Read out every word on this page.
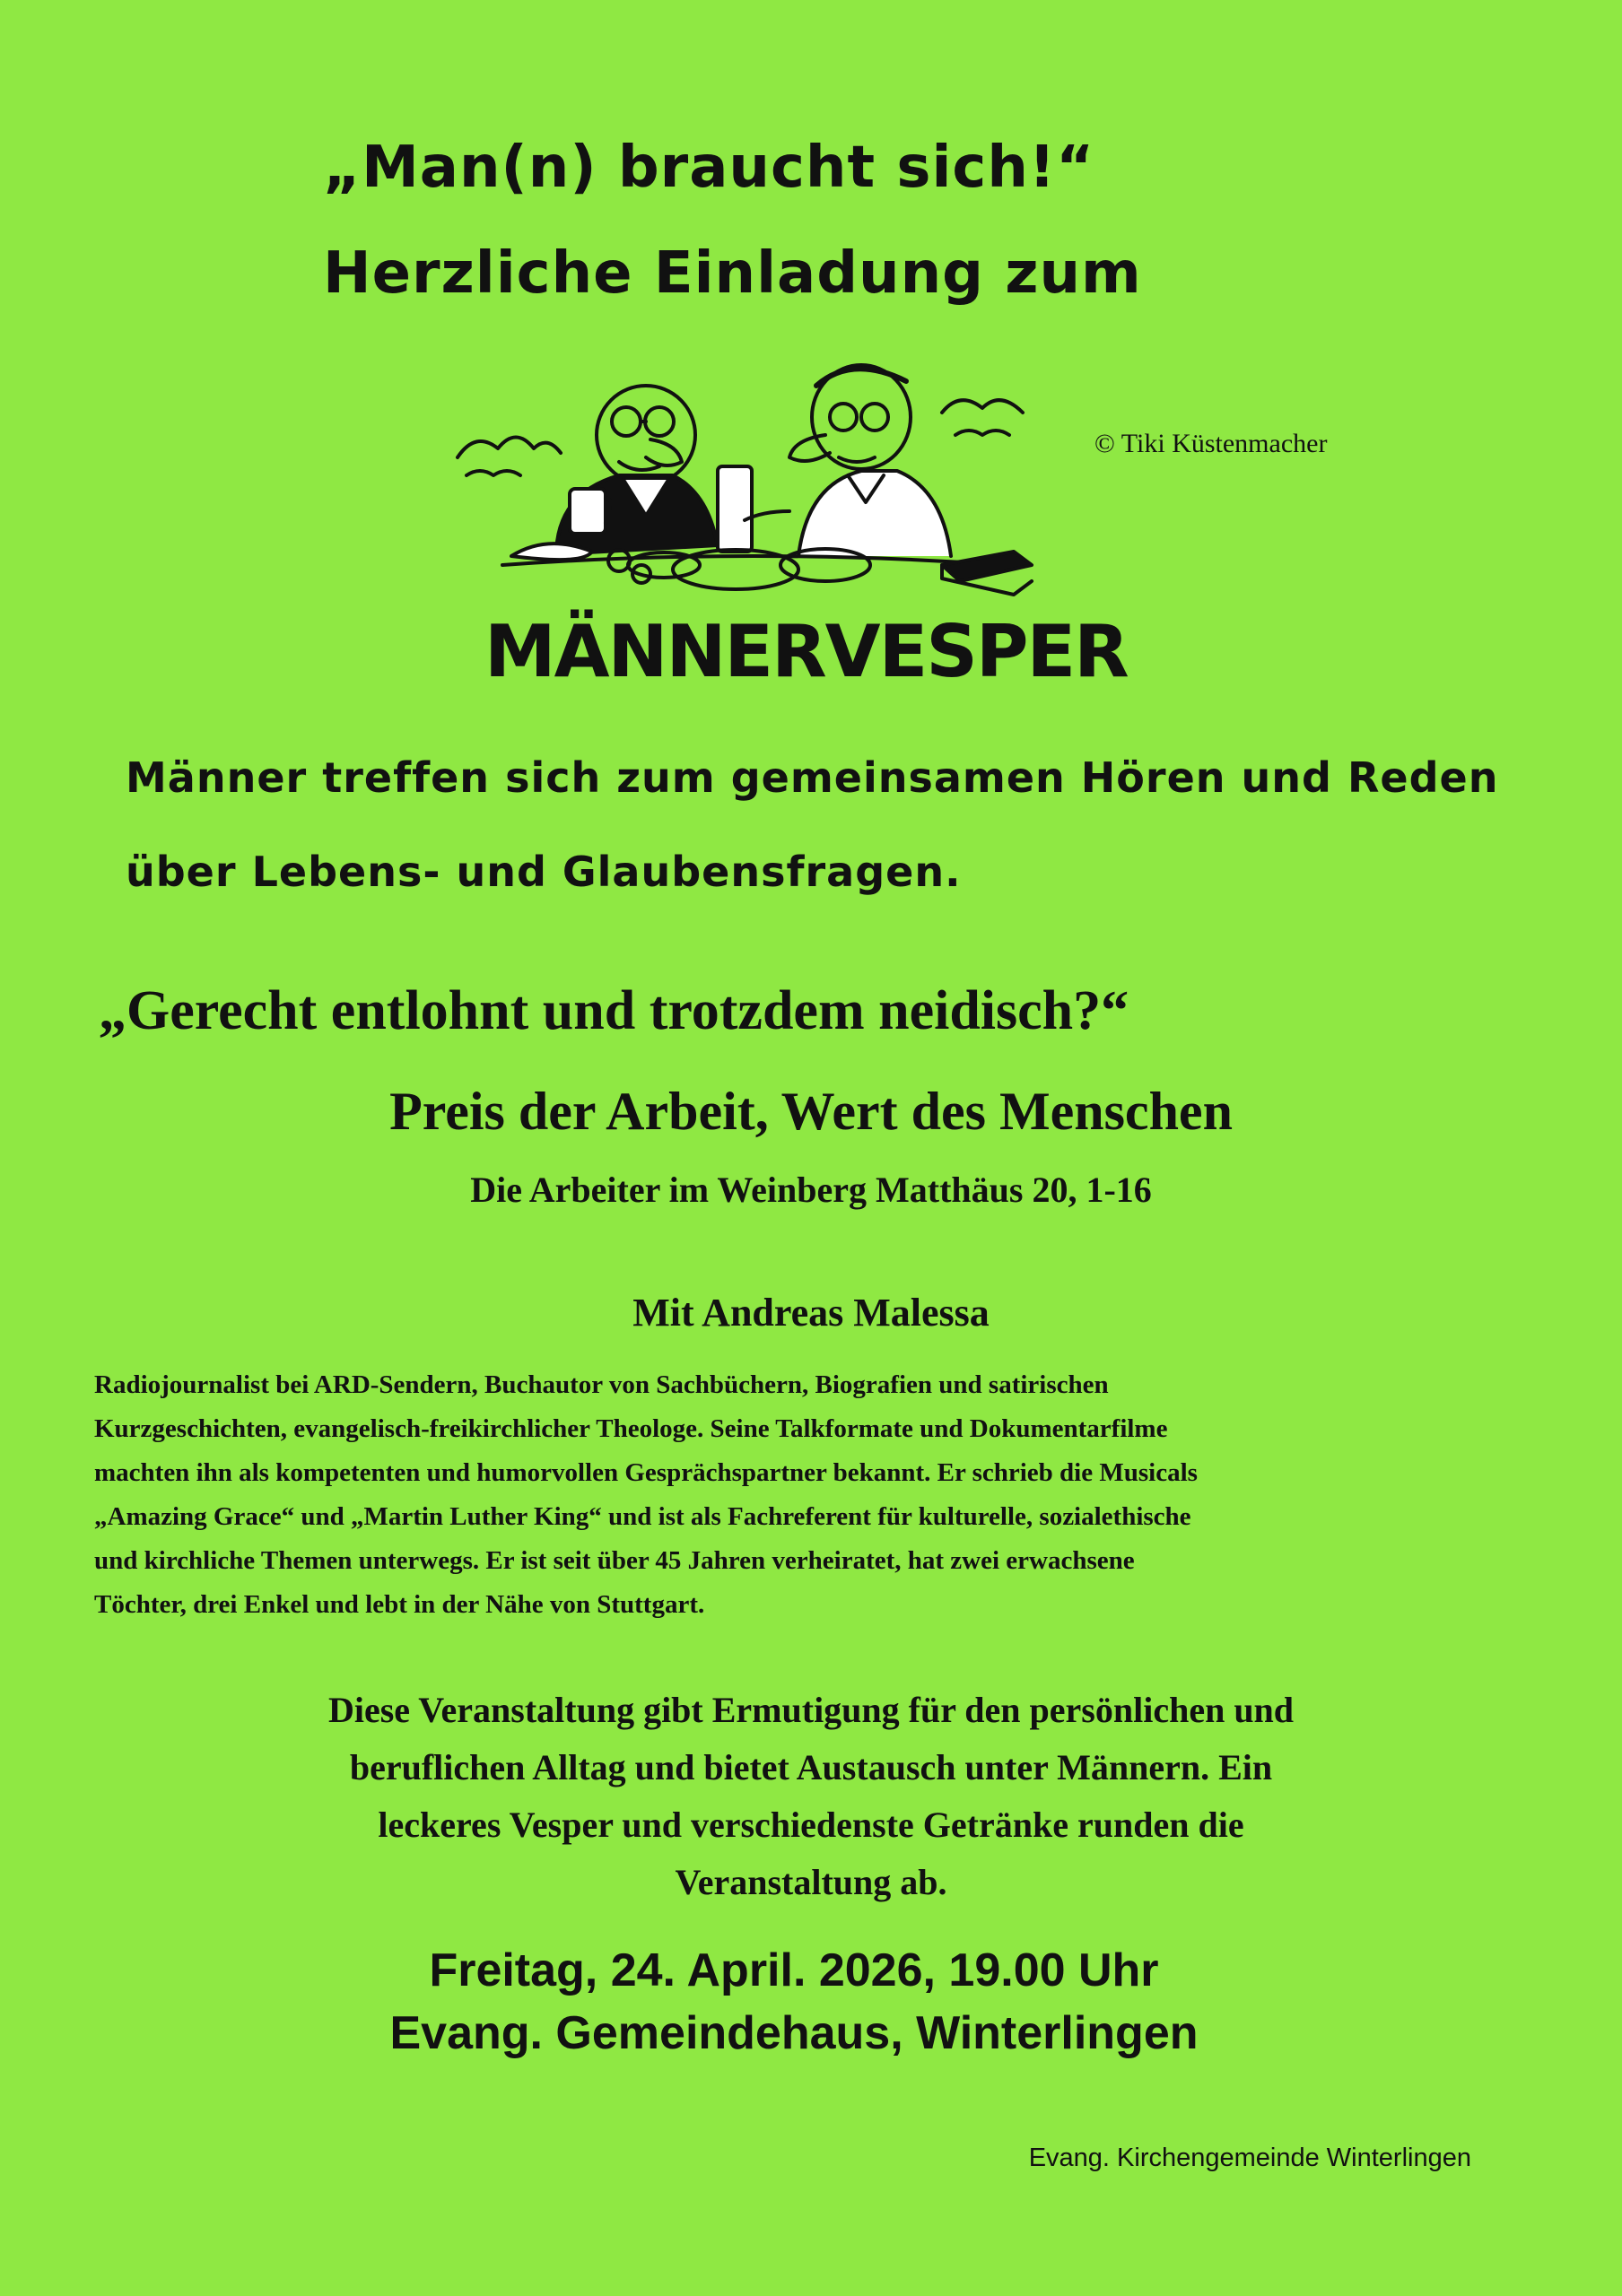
„Man(n) braucht sich!“
Herzliche Einladung zum
© Tiki Küstenmacher
MÄNNERVESPER
Männer treffen sich zum gemeinsamen Hören und Reden
über Lebens- und Glaubensfragen.
„Gerecht entlohnt und trotzdem neidisch?“
Preis der Arbeit, Wert des Menschen
Die Arbeiter im Weinberg Matthäus 20, 1-16
Mit Andreas Malessa
Radiojournalist bei ARD-Sendern, Buchautor von Sachbüchern, Biografien und satirischen
Kurzgeschichten, evangelisch-freikirchlicher Theologe. Seine Talkformate und Dokumentarfilme
machten ihn als kompetenten und humorvollen Gesprächspartner bekannt. Er schrieb die Musicals
„Amazing Grace“ und „Martin Luther King“ und ist als Fachreferent für kulturelle, sozialethische
und kirchliche Themen unterwegs. Er ist seit über 45 Jahren verheiratet, hat zwei erwachsene
Töchter, drei Enkel und lebt in der Nähe von Stuttgart.
Diese Veranstaltung gibt Ermutigung für den persönlichen und
beruflichen Alltag und bietet Austausch unter Männern. Ein
leckeres Vesper und verschiedenste Getränke runden die
Veranstaltung ab.
Freitag, 24. April. 2026, 19.00 Uhr
Evang. Gemeindehaus, Winterlingen
Evang. Kirchengemeinde Winterlingen
